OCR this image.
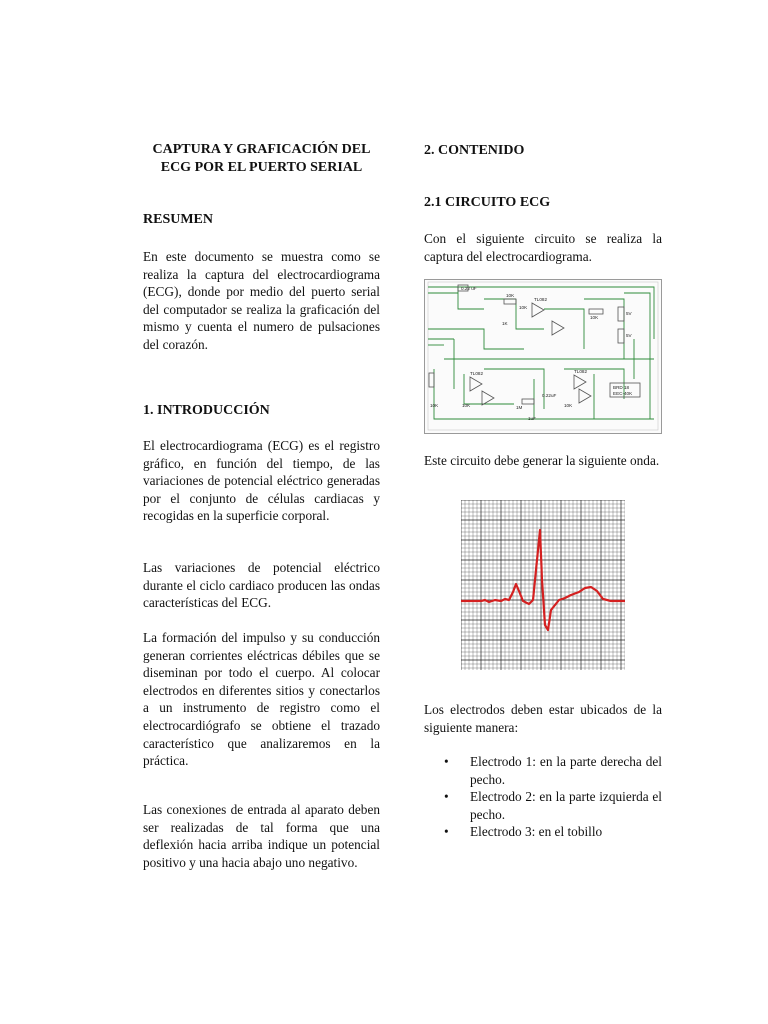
CAPTURA Y GRAFICACIÓN DEL ECG POR EL PUERTO SERIAL
RESUMEN

En este documento se muestra como se realiza la captura del electrocardiograma (ECG), donde por medio del puerto serial del computador se realiza la graficación del mismo y cuenta el numero de pulsaciones del corazón.

1. INTRODUCCIÓN

El electrocardiograma (ECG) es el registro gráfico, en función del tiempo, de las variaciones de potencial eléctrico generadas por el conjunto de células cardiacas y recogidas en la superficie corporal.

Las variaciones de potencial eléctrico durante el ciclo cardiaco producen las ondas características del ECG.

La formación del impulso y su conducción generan corrientes eléctricas débiles que se diseminan por todo el cuerpo. Al colocar electrodos en diferentes sitios y conectarlos a un instrumento de registro como el electrocardiógrafo se obtiene el trazado característico que analizaremos en la práctica.

Las conexiones de entrada al aparato deben ser realizadas de tal forma que una deflexión hacia arriba indique un potencial positivo y una hacia abajo uno negativo.

2. CONTENIDO
2.1 CIRCUITO ECG

Con el siguiente circuito se realiza la captura del electrocardiograma.

0.22 uF
10K
TL082
1K
10K
10K
5V
5V
TL082	TL082
10K	1M
0.22uF
10K
10K
1uF
BRD 18
EEC-40K

Este circuito debe generar la siguiente onda.

Los electrodos deben estar ubicados de la siguiente manera:

• Electrodo 1: en la parte derecha del pecho.
• Electrodo 2: en la parte izquierda el pecho.
• Electrodo 3: en el tobillo
